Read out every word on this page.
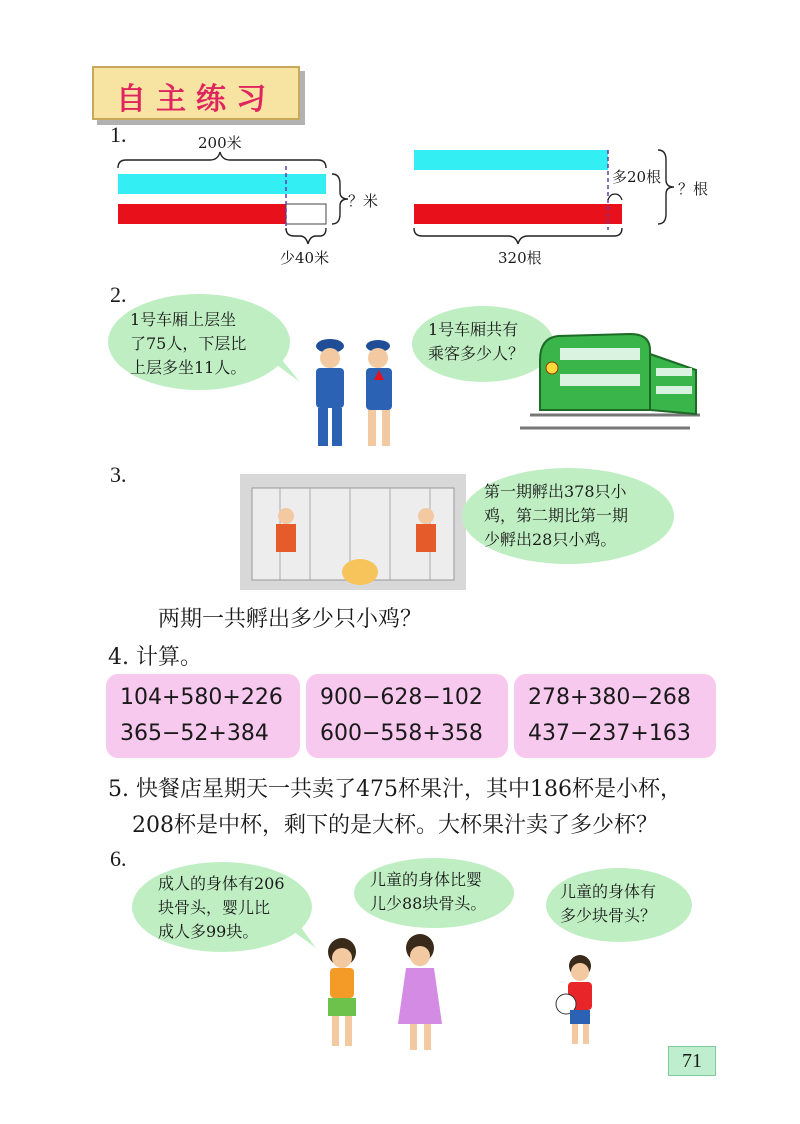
自主练习
1.	200米
？米
少40米
多20根
？根
320根
2.
1号车厢上层坐
了75人，下层比
上层多坐11人。
1号车厢共有
乘客多少人？
3.
第一期孵出378只小
鸡，第二期比第一期
少孵出28只小鸡。
两期一共孵出多少只小鸡？
4. 计算。
104+580+226
365−52+384
900−628−102
600−558+358
278+380−268
437−237+163
5. 快餐店星期天一共卖了475杯果汁，其中186杯是小杯，
208杯是中杯，剩下的是大杯。大杯果汁卖了多少杯？
6.
成人的身体有206
块骨头，婴儿比
成人多99块。
儿童的身体比婴
儿少88块骨头。
儿童的身体有
多少块骨头？
71
